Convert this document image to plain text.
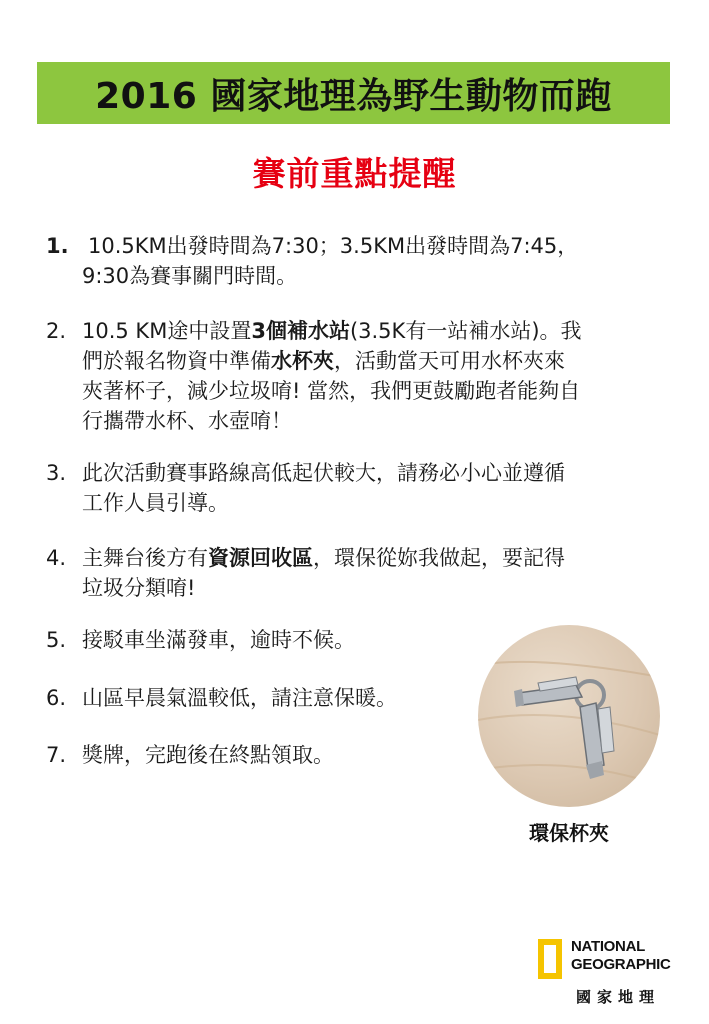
2016 國家地理為野生動物而跑
賽前重點提醒
1. 10.5KM出發時間為7:30；3.5KM出發時間為7:45，
9:30為賽事關門時間。
2. 10.5 KM途中設置3個補水站(3.5K有一站補水站)。我
們於報名物資中準備水杯夾，活動當天可用水杯夾來
夾著杯子，減少垃圾唷! 當然，我們更鼓勵跑者能夠自
行攜帶水杯、水壺唷！
3. 此次活動賽事路線高低起伏較大，請務必小心並遵循
工作人員引導。
4. 主舞台後方有資源回收區，環保從妳我做起，要記得
垃圾分類唷!
5. 接駁車坐滿發車，逾時不候。
6. 山區早晨氣溫較低，請注意保暖。
7. 獎牌，完跑後在終點領取。
環保杯夾
NATIONAL
GEOGRAPHIC
國家地理
